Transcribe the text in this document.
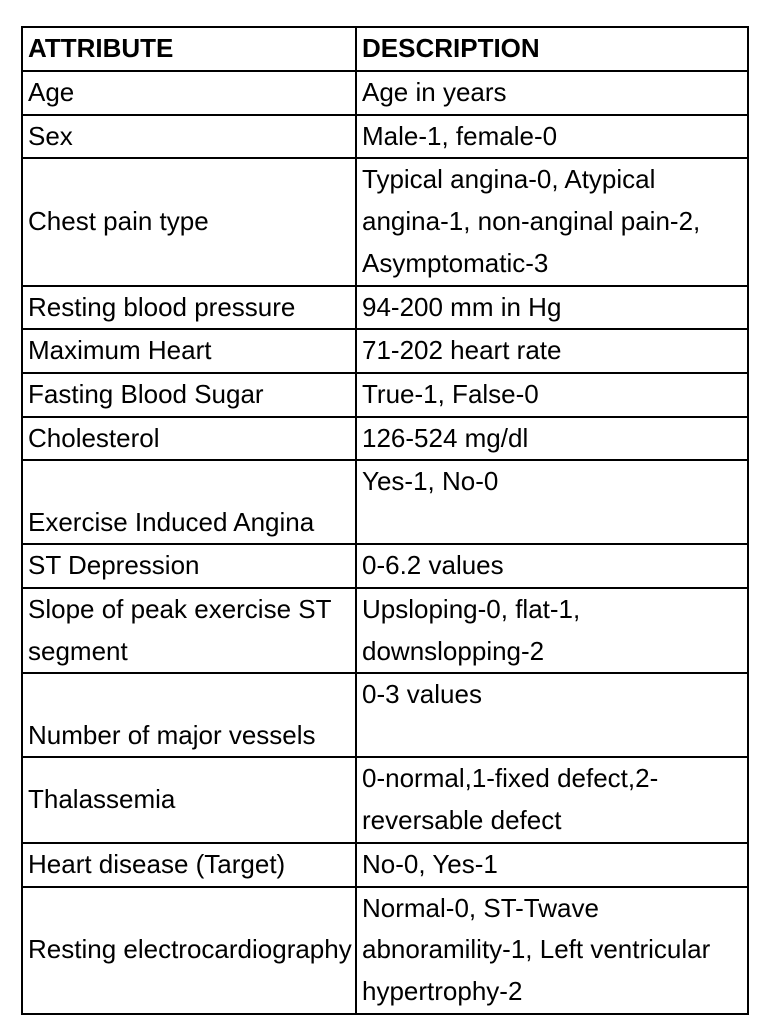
ATTRIBUTE	DESCRIPTION
Age	Age in years
Sex	Male-1, female-0
Chest pain type	Typical angina-0, Atypical angina-1, non-anginal pain-2, Asymptomatic-3
Resting blood pressure	94-200 mm in Hg
Maximum Heart	71-202 heart rate
Fasting Blood Sugar	True-1, False-0
Cholesterol	126-524 mg/dl
Exercise Induced Angina	Yes-1, No-0
ST Depression	0-6.2 values
Slope of peak exercise ST segment	Upsloping-0, flat-1, downslopping-2
Number of major vessels	0-3 values
Thalassemia	0-normal,1-fixed defect,2-reversable defect
Heart disease (Target)	No-0, Yes-1
Resting electrocardiography	Normal-0, ST-Twave abnoramility-1, Left ventricular hypertrophy-2
